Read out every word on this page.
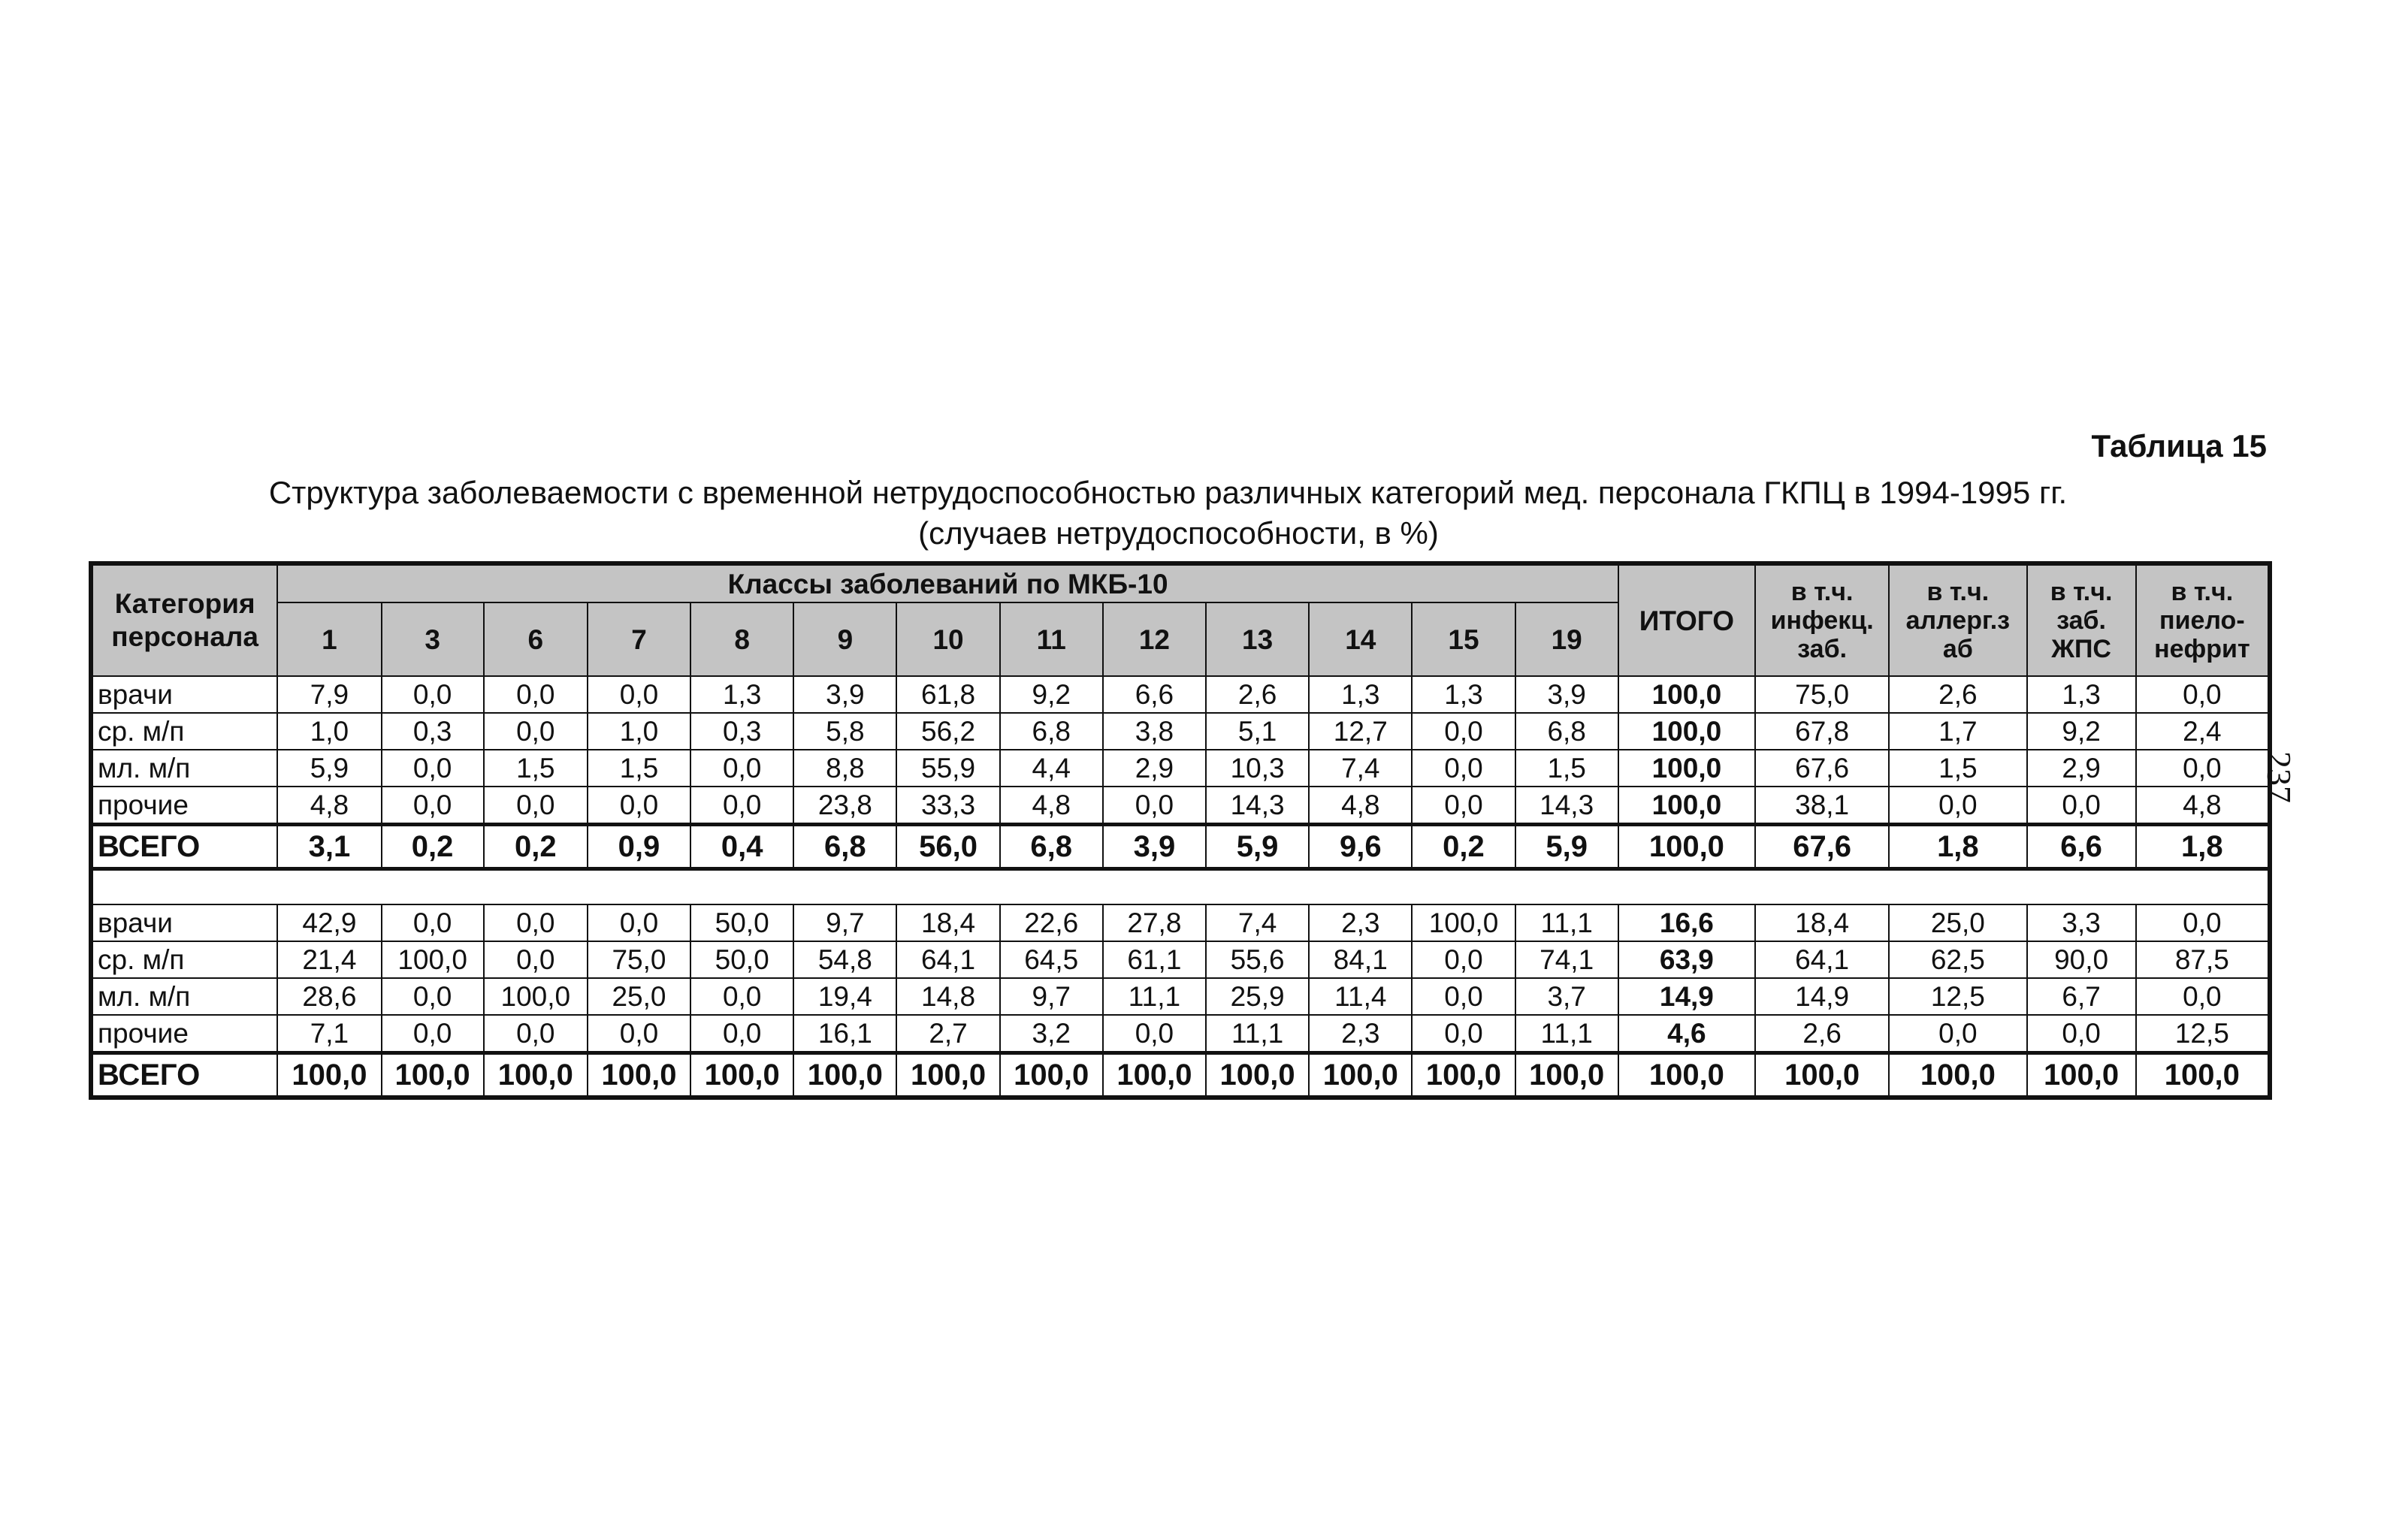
Таблица 15
Структура заболеваемости с временной нетрудоспособностью различных категорий мед. персонала ГКПЦ в 1994-1995 гг.
(случаев нетрудоспособности, в %)
237
Категория персонала	Классы заболеваний по МКБ-10													ИТОГО	в т.ч. инфекц. заб.	в т.ч. аллерг.з аб	в т.ч. заб. ЖПС	в т.ч. пиело-нефрит
	1	3	6	7	8	9	10	11	12	13	14	15	19					
врачи	7,9	0,0	0,0	0,0	1,3	3,9	61,8	9,2	6,6	2,6	1,3	1,3	3,9	100,0	75,0	2,6	1,3	0,0
ср. м/п	1,0	0,3	0,0	1,0	0,3	5,8	56,2	6,8	3,8	5,1	12,7	0,0	6,8	100,0	67,8	1,7	9,2	2,4
мл. м/п	5,9	0,0	1,5	1,5	0,0	8,8	55,9	4,4	2,9	10,3	7,4	0,0	1,5	100,0	67,6	1,5	2,9	0,0
прочие	4,8	0,0	0,0	0,0	0,0	23,8	33,3	4,8	0,0	14,3	4,8	0,0	14,3	100,0	38,1	0,0	0,0	4,8
ВСЕГО	3,1	0,2	0,2	0,9	0,4	6,8	56,0	6,8	3,9	5,9	9,6	0,2	5,9	100,0	67,6	1,8	6,6	1,8

врачи	42,9	0,0	0,0	0,0	50,0	9,7	18,4	22,6	27,8	7,4	2,3	100,0	11,1	16,6	18,4	25,0	3,3	0,0
ср. м/п	21,4	100,0	0,0	75,0	50,0	54,8	64,1	64,5	61,1	55,6	84,1	0,0	74,1	63,9	64,1	62,5	90,0	87,5
мл. м/п	28,6	0,0	100,0	25,0	0,0	19,4	14,8	9,7	11,1	25,9	11,4	0,0	3,7	14,9	14,9	12,5	6,7	0,0
прочие	7,1	0,0	0,0	0,0	0,0	16,1	2,7	3,2	0,0	11,1	2,3	0,0	11,1	4,6	2,6	0,0	0,0	12,5
ВСЕГО	100,0	100,0	100,0	100,0	100,0	100,0	100,0	100,0	100,0	100,0	100,0	100,0	100,0	100,0	100,0	100,0	100,0	100,0
